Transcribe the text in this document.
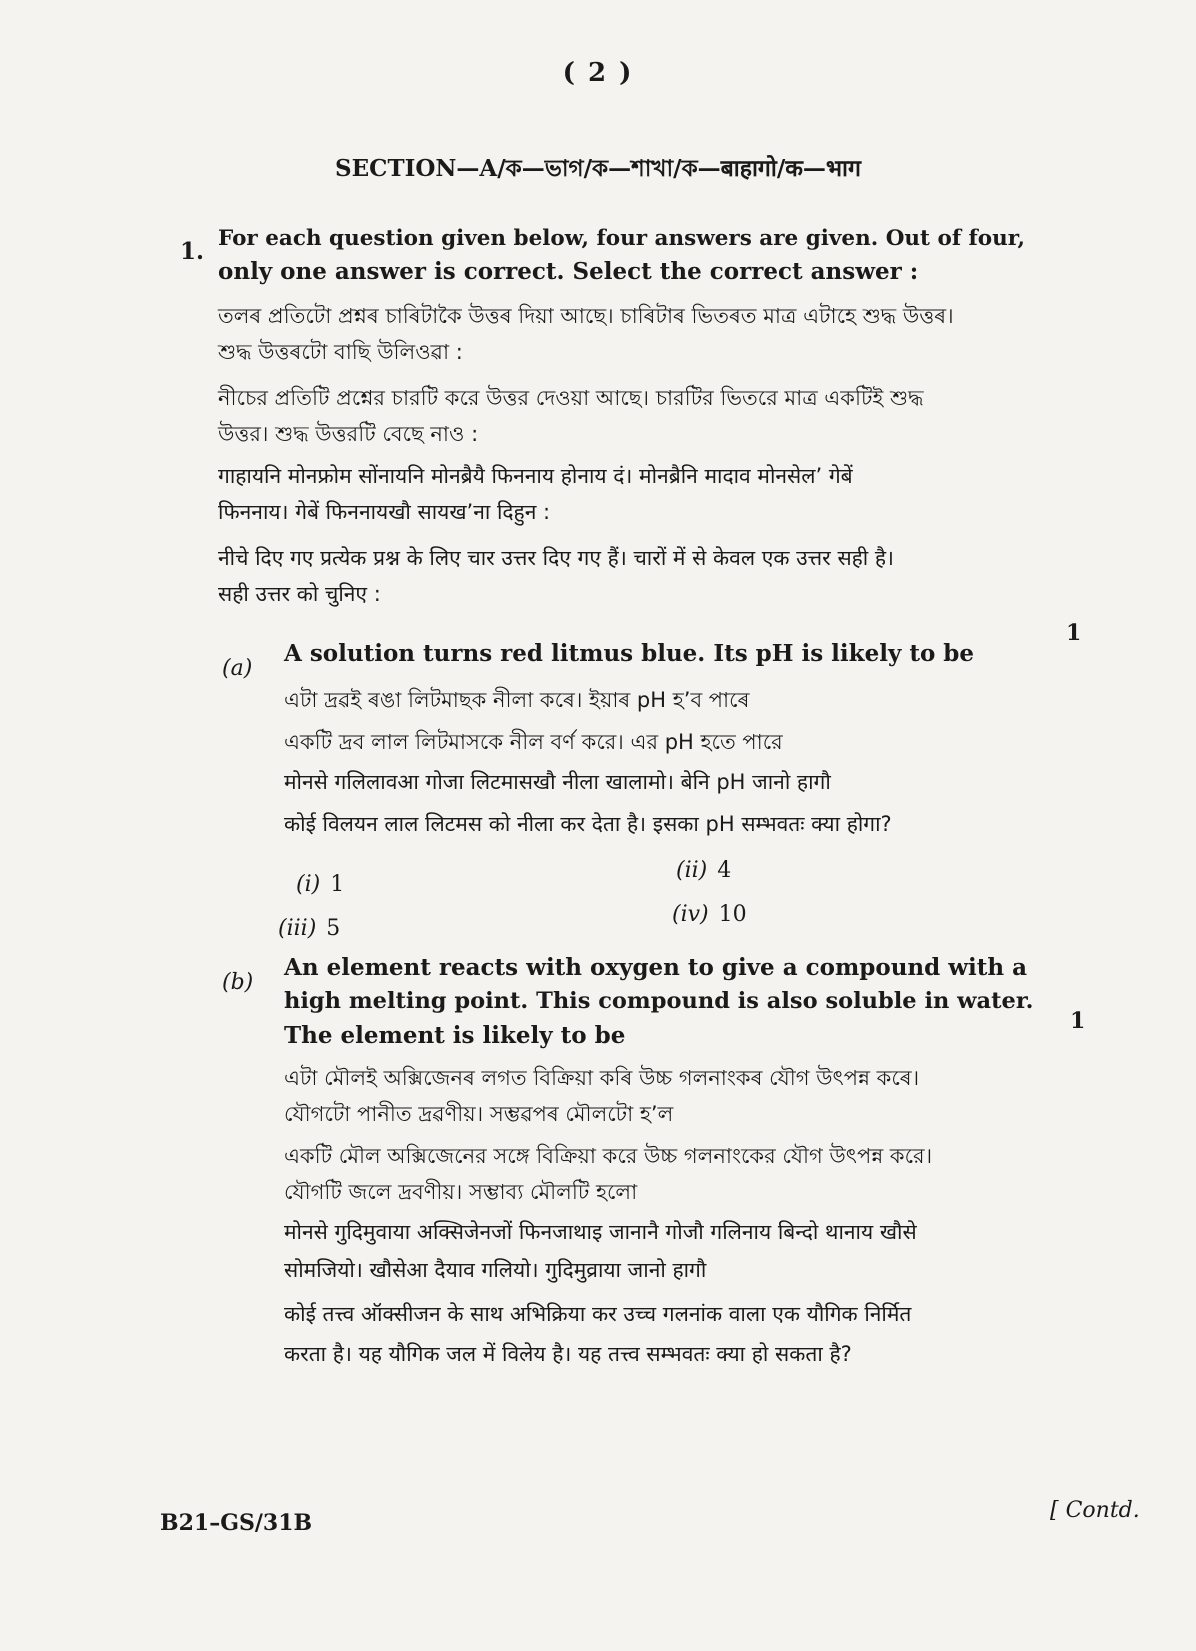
( 2 )
SECTION—A/ক—ভাগ/ক—শাখা/ক—बाहागो/क—भाग
1. For each question given below, four answers are given. Out of four,
only one answer is correct. Select the correct answer :
তলৰ প্ৰতিটো প্ৰশ্নৰ চাৰিটাকৈ উত্তৰ দিয়া আছে। চাৰিটাৰ ভিতৰত মাত্ৰ এটাহে শুদ্ধ উত্তৰ।
শুদ্ধ উত্তৰটো বাছি উলিওৱা :
নীচের প্রতিটি প্রশ্নের চারটি করে উত্তর দেওয়া আছে। চারটির ভিতরে মাত্র একটিই শুদ্ধ
উত্তর। শুদ্ধ উত্তরটি বেছে নাও :
गाहायनि मोनफ्रोम सोंनायनि मोनब्रैयै फिननाय होनाय दं। मोनब्रैनि मादाव मोनसेल’ गेबें
फिननाय। गेबें फिननायखौ सायख’ना दिहुन :
नीचे दिए गए प्रत्येक प्रश्न के लिए चार उत्तर दिए गए हैं। चारों में से केवल एक उत्तर सही है।
सही उत्तर को चुनिए :
(a)
1
A solution turns red litmus blue. Its pH is likely to be
এটা দ্ৰৱই ৰঙা লিটমাছক নীলা কৰে। ইয়াৰ pH হ’ব পাৰে
একটি দ্রব লাল লিটমাসকে নীল বর্ণ করে। এর pH হতে পারে
मोनसे गलिलावआ गोजा लिटमासखौ नीला खालामो। बेनि pH जानो हागौ
कोई विलयन लाल लिटमस को नीला कर देता है। इसका pH सम्भवतः क्या होगा?
(i) 1
(ii) 4
(iii) 5
(iv) 10
(b)
1
An element reacts with oxygen to give a compound with a
high melting point. This compound is also soluble in water.
The element is likely to be
এটা মৌলই অক্সিজেনৰ লগত বিক্ৰিয়া কৰি উচ্চ গলনাংকৰ যৌগ উৎপন্ন কৰে।
যৌগটো পানীত দ্ৰৱণীয়। সম্ভৱপৰ মৌলটো হ’ল
একটি মৌল অক্সিজেনের সঙ্গে বিক্রিয়া করে উচ্চ গলনাংকের যৌগ উৎপন্ন করে।
যৌগটি জলে দ্রবণীয়। সম্ভাব্য মৌলটি হলো
मोनसे गुदिमुवाया अक्सिजेनजों फिनजाथाइ जानानै गोजौ गलिनाय बिन्दो थानाय खौसे
सोमजियो। खौसेआ दैयाव गलियो। गुदिमुव्राया जानो हागौ
कोई तत्त्व ऑक्सीजन के साथ अभिक्रिया कर उच्च गलनांक वाला एक यौगिक निर्मित
करता है। यह यौगिक जल में विलेय है। यह तत्त्व सम्भवतः क्या हो सकता है?
B21–GS/31B	[ Contd.
